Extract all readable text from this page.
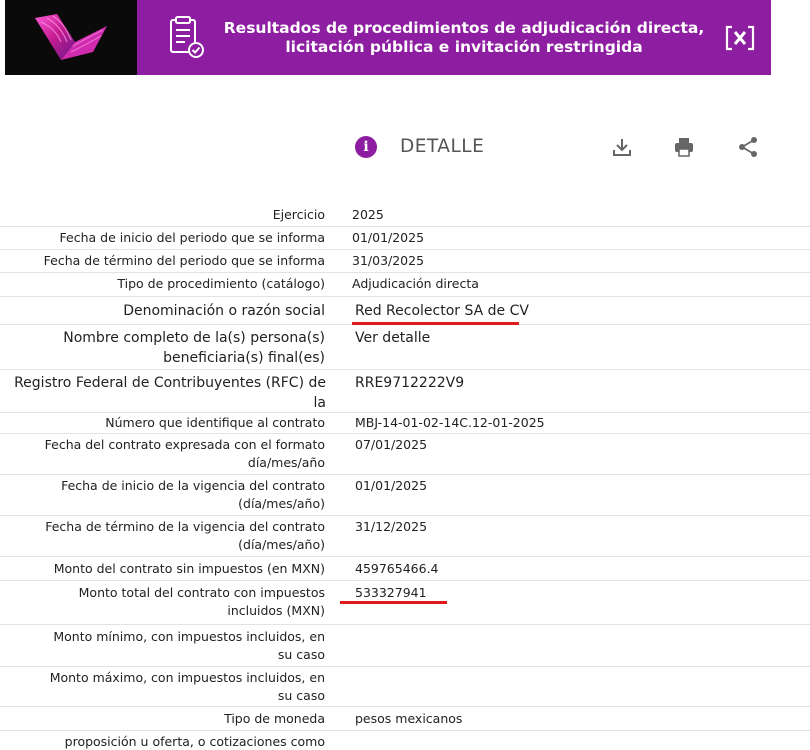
Resultados de procedimientos de adjudicación directa,
licitación pública e invitación restringida
i DETALLE
Ejercicio 2025
Fecha de inicio del periodo que se informa 01/01/2025
Fecha de término del periodo que se informa 31/03/2025
Tipo de procedimiento (catálogo) Adjudicación directa
Denominación o razón social Red Recolector SA de CV
Nombre completo de la(s) persona(s)
beneficiaria(s) final(es)
Ver detalle
Registro Federal de Contribuyentes (RFC) de la
RRE9712222V9
Número que identifique al contrato MBJ-14-01-02-14C.12-01-2025
Fecha del contrato expresada con el formato
día/mes/año
07/01/2025
Fecha de inicio de la vigencia del contrato
(día/mes/año)
01/01/2025
Fecha de término de la vigencia del contrato
(día/mes/año)
31/12/2025
Monto del contrato sin impuestos (en MXN) 459765466.4
Monto total del contrato con impuestos
incluidos (MXN)
533327941
Monto mínimo, con impuestos incluidos, en
su caso
Monto máximo, con impuestos incluidos, en
su caso
Tipo de moneda pesos mexicanos
proposición u oferta, o cotizaciones como
